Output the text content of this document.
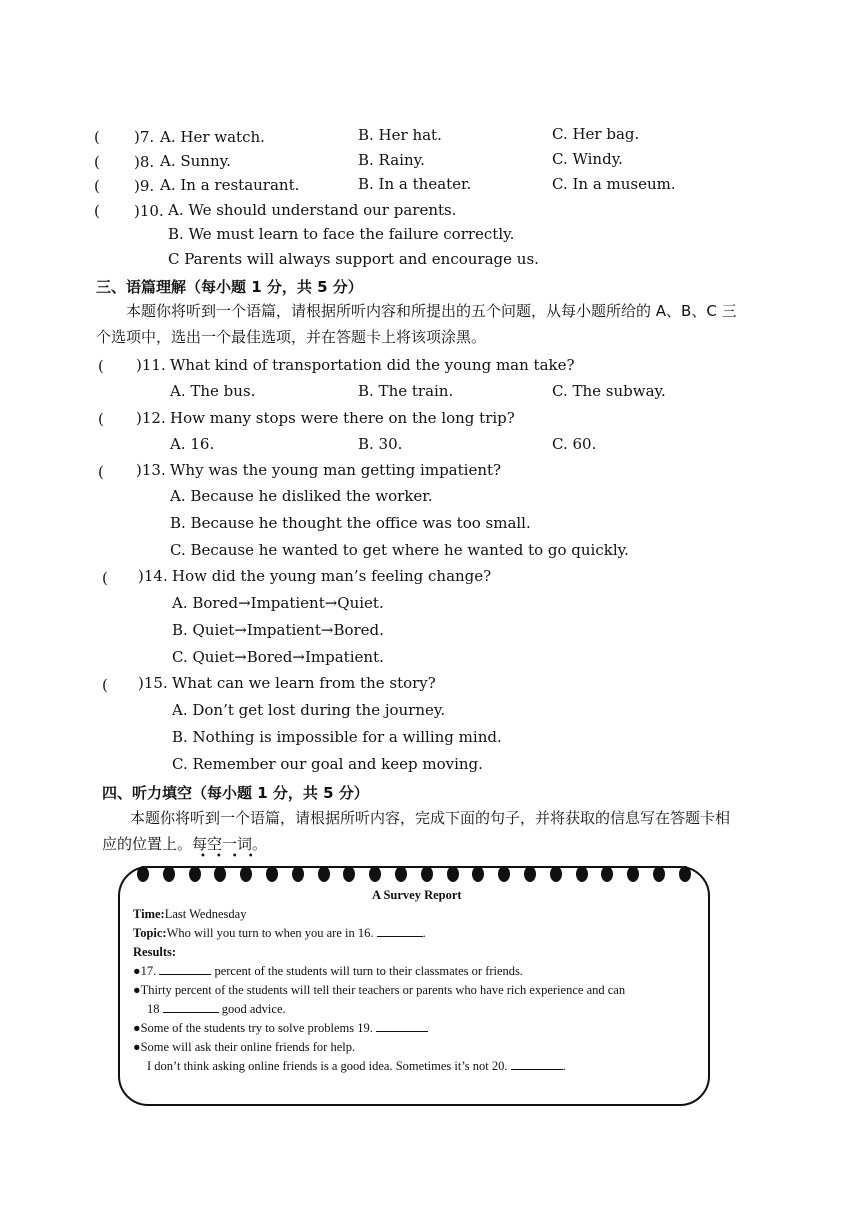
( )7. A. Her watch.	B. Her hat.	C. Her bag.
( )8. A. Sunny.	B. Rainy.	C. Windy.
( )9. A. In a restaurant.	B. In a theater.	C. In a museum.
( )10. A. We should understand our parents.
B. We must learn to face the failure correctly.
C Parents will always support and encourage us.
三、语篇理解（每小题 1 分，共 5 分）
本题你将听到一个语篇，请根据所听内容和所提出的五个问题，从每小题所给的 A、B、C 三
个选项中，选出一个最佳选项，并在答题卡上将该项涂黑。
( )11. What kind of transportation did the young man take?
A. The bus.	B. The train.	C. The subway.
( )12. How many stops were there on the long trip?
A. 16.	B. 30.	C. 60.
( )13. Why was the young man getting impatient?
A. Because he disliked the worker.
B. Because he thought the office was too small.
C. Because he wanted to get where he wanted to go quickly.
( )14. How did the young man’s feeling change?
A. Bored→Impatient→Quiet.
B. Quiet→Impatient→Bored.
C. Quiet→Bored→Impatient.
( )15. What can we learn from the story?
A. Don’t get lost during the journey.
B. Nothing is impossible for a willing mind.
C. Remember our goal and keep moving.
四、听力填空（每小题 1 分，共 5 分）
本题你将听到一个语篇，请根据所听内容，完成下面的句子，并将获取的信息写在答题卡相
应的位置上。每空一词。
••••
A Survey Report
Time:Last Wednesday
Topic:Who will you turn to when you are in 16.	.
Results:
●17.	percent of the students will turn to their classmates or friends.
●Thirty percent of the students will tell their teachers or parents who have rich experience and can
18	good advice.
●Some of the students try to solve problems 19.
●Some will ask their online friends for help.
I don’t think asking online friends is a good idea. Sometimes it’s not 20.	.
